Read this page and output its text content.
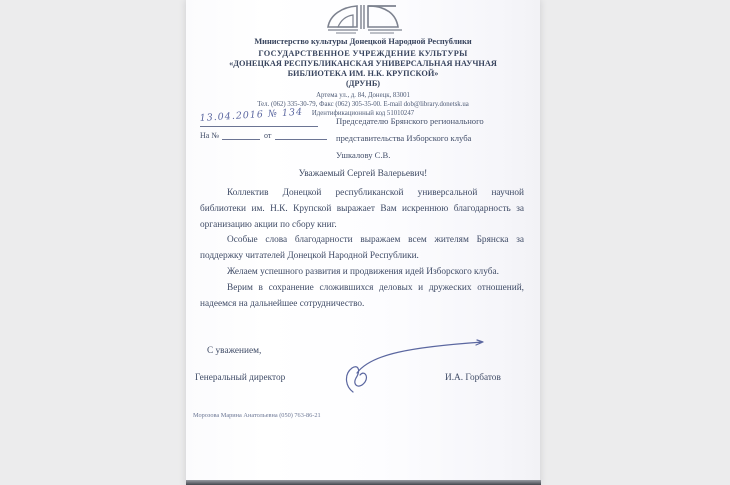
Министерство культуры Донецкой Народной Республики
ГОСУДАРСТВЕННОЕ УЧРЕЖДЕНИЕ КУЛЬТУРЫ
«ДОНЕЦКАЯ РЕСПУБЛИКАНСКАЯ УНИВЕРСАЛЬНАЯ НАУЧНАЯ
БИБЛИОТЕКА ИМ. Н.К. КРУПСКОЙ»
(ДРУНБ)
Артема ул., д. 84, Донецк, 83001
Тел. (062) 335-30-79, Факс (062) 305-35-00. E-mail dob@library.donetsk.ua
Идентификационный код 51010247
13.04.2016 № 134
На №	от
Председателю Брянского регионального
представительства Изборского клуба
Ушкалову С.В.
Уважаемый Сергей Валерьевич!

Коллектив Донецкой республиканской универсальной научной библиотеки им. Н.К. Крупской выражает Вам искреннюю благодарность за организацию акции по сбору книг.

Особые слова благодарности выражаем всем жителям Брянска за поддержку читателей Донецкой Народной Республики.

Желаем успешного развития и продвижения идей Изборского клуба.

Верим в сохранение сложившихся деловых и дружеских отношений, надеемся на дальнейшее сотрудничество.

С уважением,
Генеральный директор	И.А. Горбатов
Морозова Марина Анатольевна (050) 763-86-21
